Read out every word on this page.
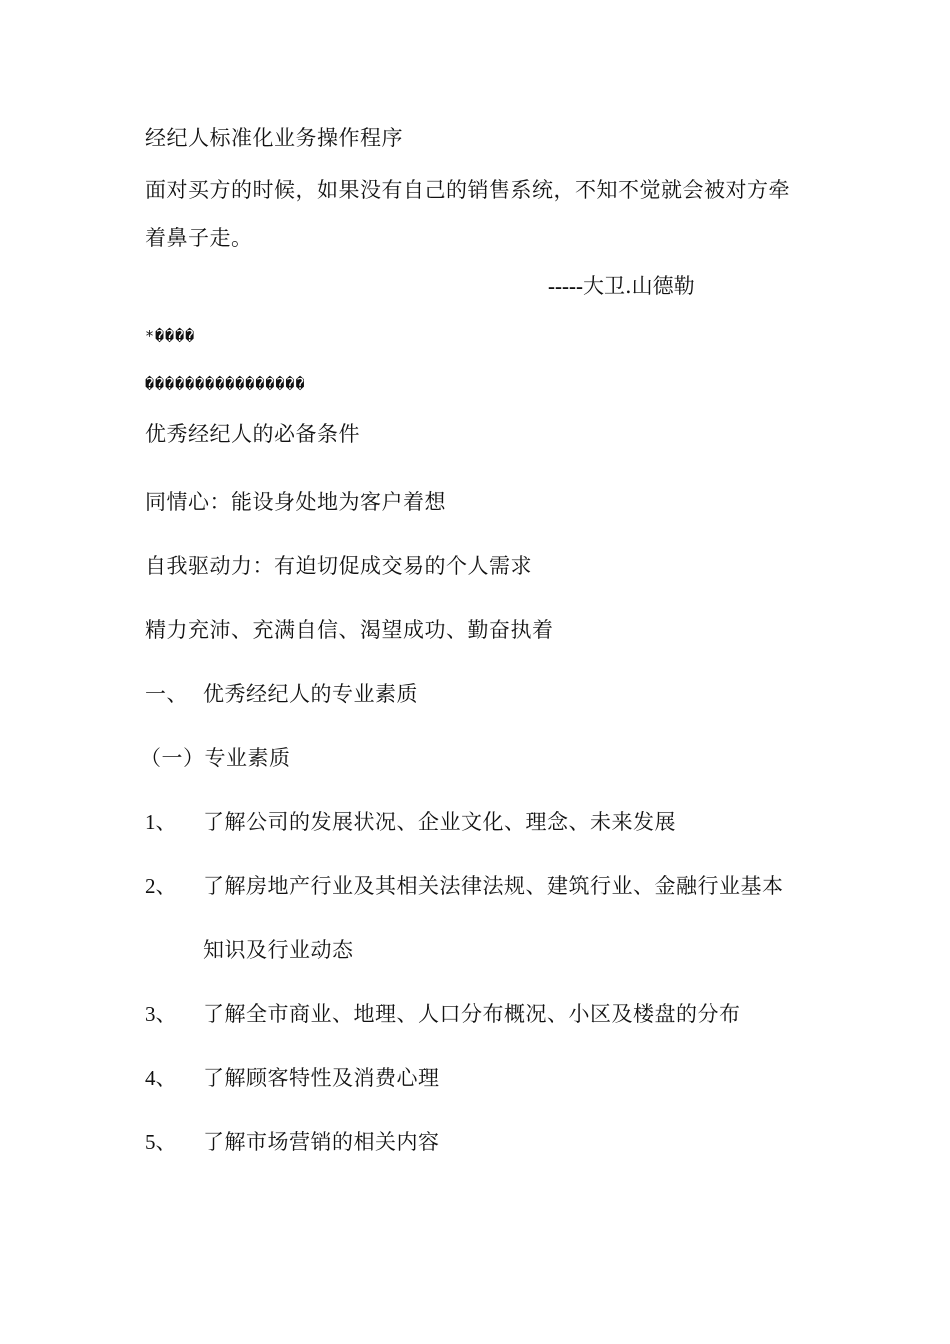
经纪人标准化业务操作程序
面对买方的时候，如果没有自己的销售系统，不知不觉就会被对方牵
着鼻子走。
-----大卫.山德勒
*����
����������������
优秀经纪人的必备条件
同情心：能设身处地为客户着想
自我驱动力：有迫切促成交易的个人需求
精力充沛、充满自信、渴望成功、勤奋执着
一、 优秀经纪人的专业素质
（一）专业素质
1、 了解公司的发展状况、企业文化、理念、未来发展
2、 了解房地产行业及其相关法律法规、建筑行业、金融行业基本
知识及行业动态
3、 了解全市商业、地理、人口分布概况、小区及楼盘的分布
4、 了解顾客特性及消费心理
5、 了解市场营销的相关内容
